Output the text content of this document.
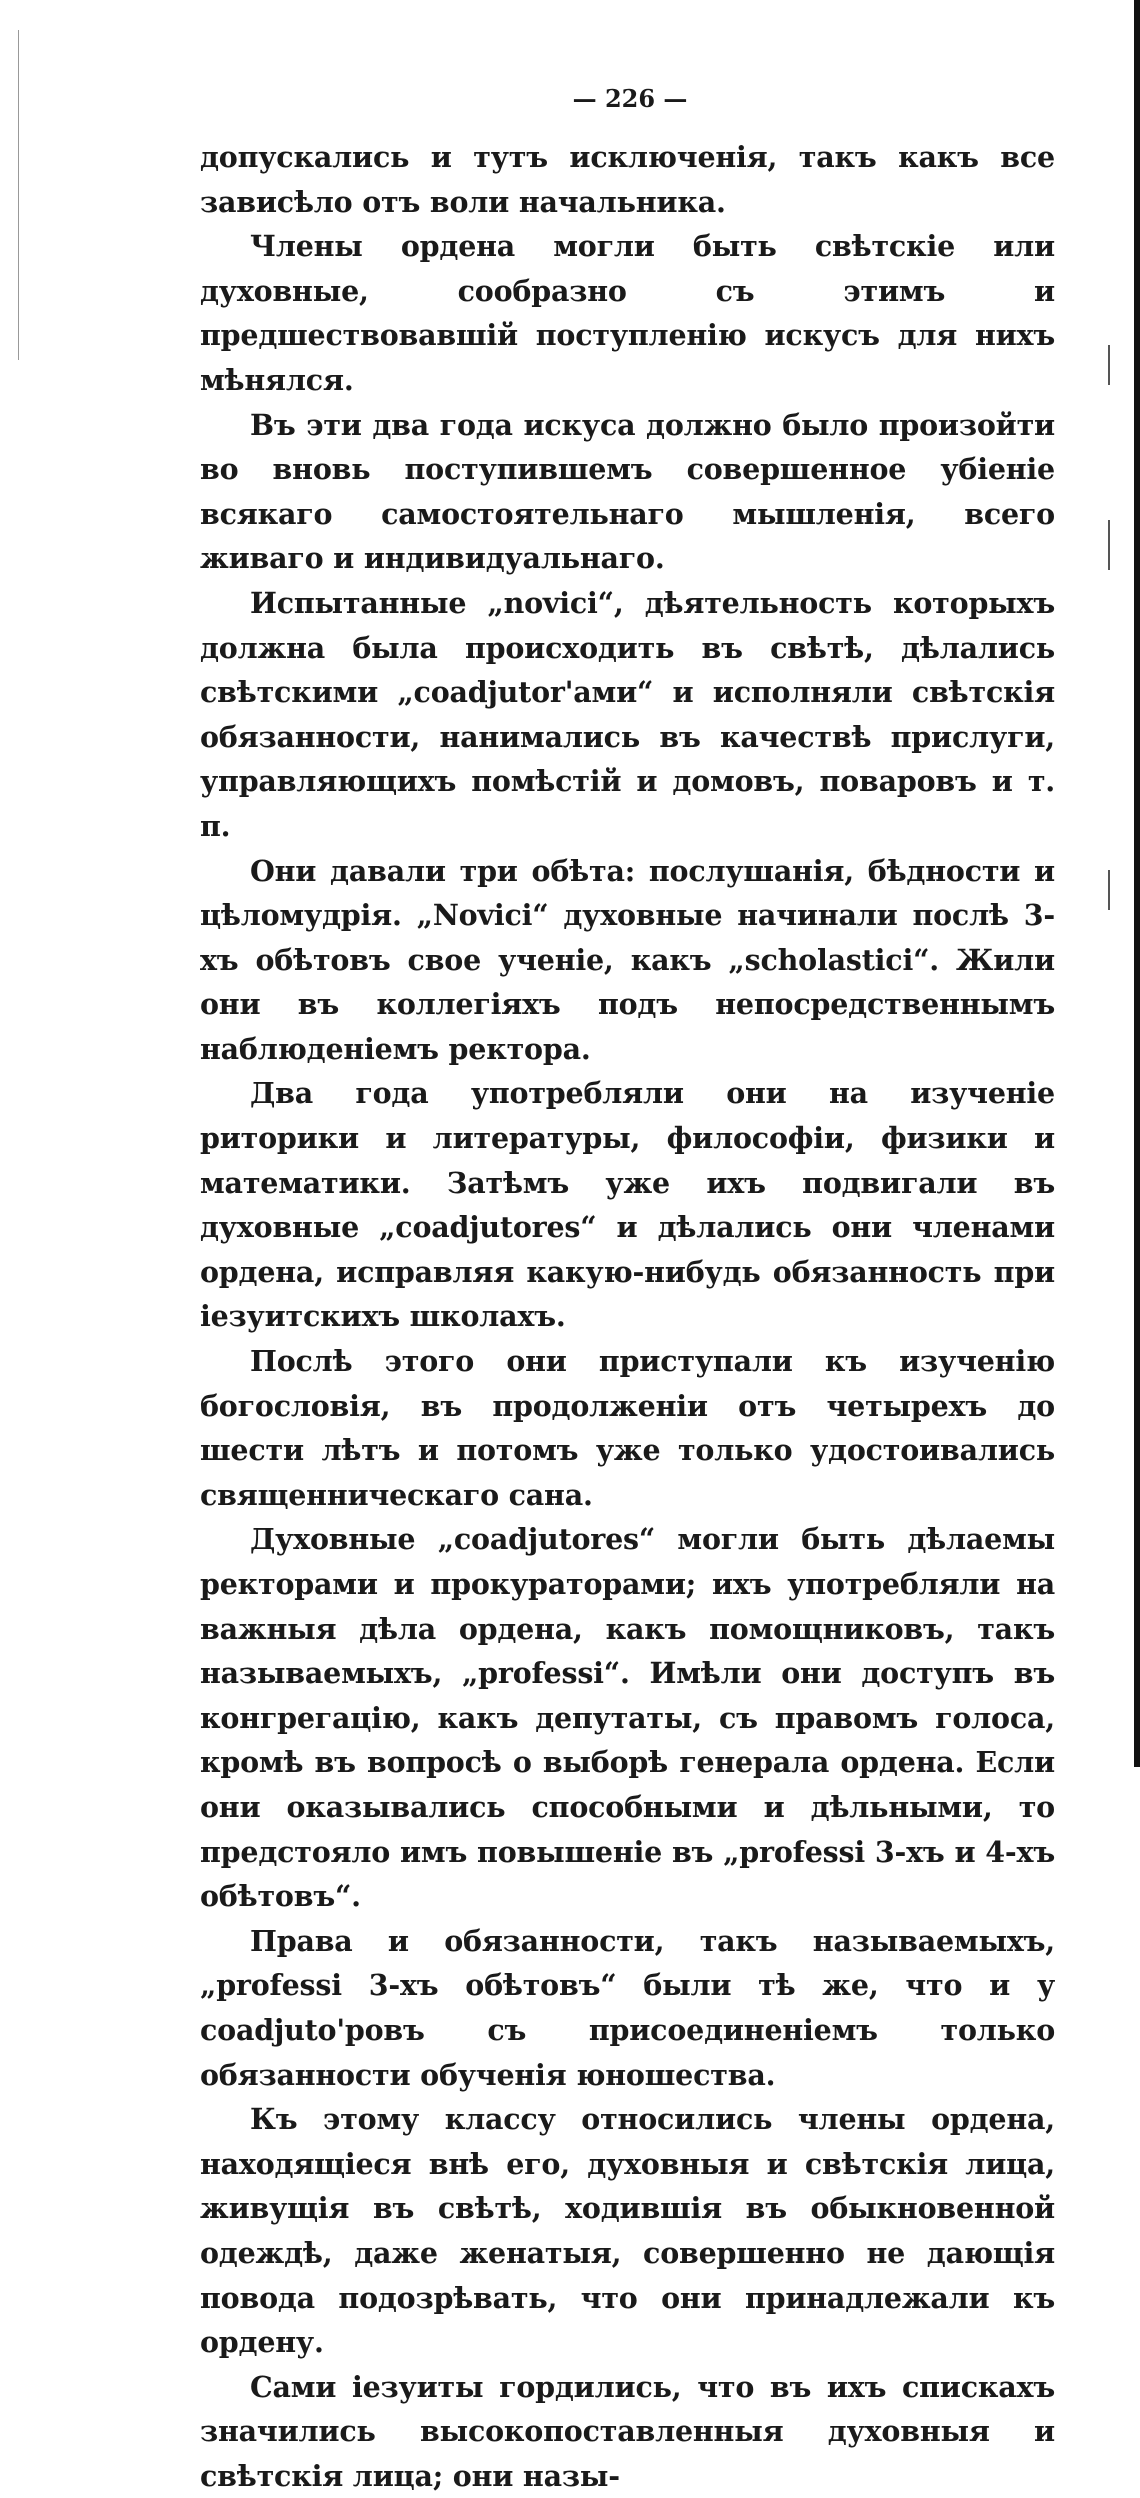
— 226 —

допускались и тутъ исключенія, такъ какъ все зависѣло отъ воли начальника.

Члены ордена могли быть свѣтскіе или духовные, сообразно съ этимъ и предшествовавшій поступленію искусъ для нихъ мѣнялся.

Въ эти два года искуса должно было произойти во вновь поступившемъ совершенное убіеніе всякаго самостоятельнаго мышленія, всего живаго и индивидуальнаго.

Испытанные „novici“, дѣятельность которыхъ должна была происходить въ свѣтѣ, дѣлались свѣтскими „coadjutor'ами“ и исполняли свѣтскія обязанности, нанимались въ качествѣ прислуги, управляющихъ помѣстій и домовъ, поваровъ и т. п.

Они давали три обѣта: послушанія, бѣдности и цѣломудрія. „Novici“ духовные начинали послѣ 3-хъ обѣтовъ свое ученіе, какъ „scholastici“. Жили они въ коллегіяхъ подъ непосредственнымъ наблюденіемъ ректора.

Два года употребляли они на изученіе риторики и литературы, философіи, физики и математики. Затѣмъ уже ихъ подвигали въ духовные „coadjutores“ и дѣлались они членами ордена, исправляя какую-нибудь обязанность при іезуитскихъ школахъ.

Послѣ этого они приступали къ изученію богословія, въ продолженіи отъ четырехъ до шести лѣтъ и потомъ уже только удостоивались священническаго сана.

Духовные „coadjutores“ могли быть дѣлаемы ректорами и прокураторами; ихъ употребляли на важныя дѣла ордена, какъ помощниковъ, такъ называемыхъ, „professi“. Имѣли они доступъ въ конгрегацію, какъ депутаты, съ правомъ голоса, кромѣ въ вопросѣ о выборѣ генерала ордена. Если они оказывались способными и дѣльными, то предстояло имъ повышеніе въ „professi 3-хъ и 4-хъ обѣтовъ“.

Права и обязанности, такъ называемыхъ, „professi 3-хъ обѣтовъ“ были тѣ же, что и у coadjuto'ровъ съ присоединеніемъ только обязанности обученія юношества.

Къ этому классу относились члены ордена, находящіеся внѣ его, духовныя и свѣтскія лица, живущія въ свѣтѣ, ходившія въ обыкновенной одеждѣ, даже женатыя, совершенно не дающія повода подозрѣвать, что они принадлежали къ ордену.

Сами іезуиты гордились, что въ ихъ спискахъ значились высокопоставленныя духовныя и свѣтскія лица; они назы-
